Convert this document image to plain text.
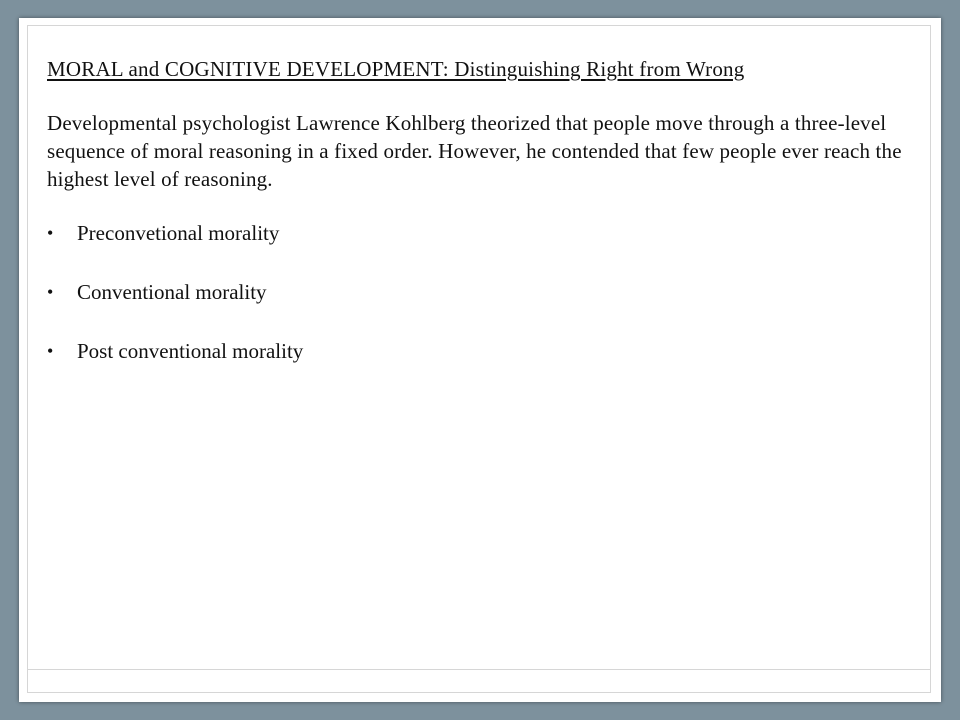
MORAL and COGNITIVE DEVELOPMENT: Distinguishing Right from Wrong

Developmental psychologist Lawrence Kohlberg theorized that people move through a three-level sequence of moral reasoning in a fixed order. However, he contended that few people ever reach the highest level of reasoning.

•	Preconvetional morality
•	Conventional morality
•	Post conventional morality
